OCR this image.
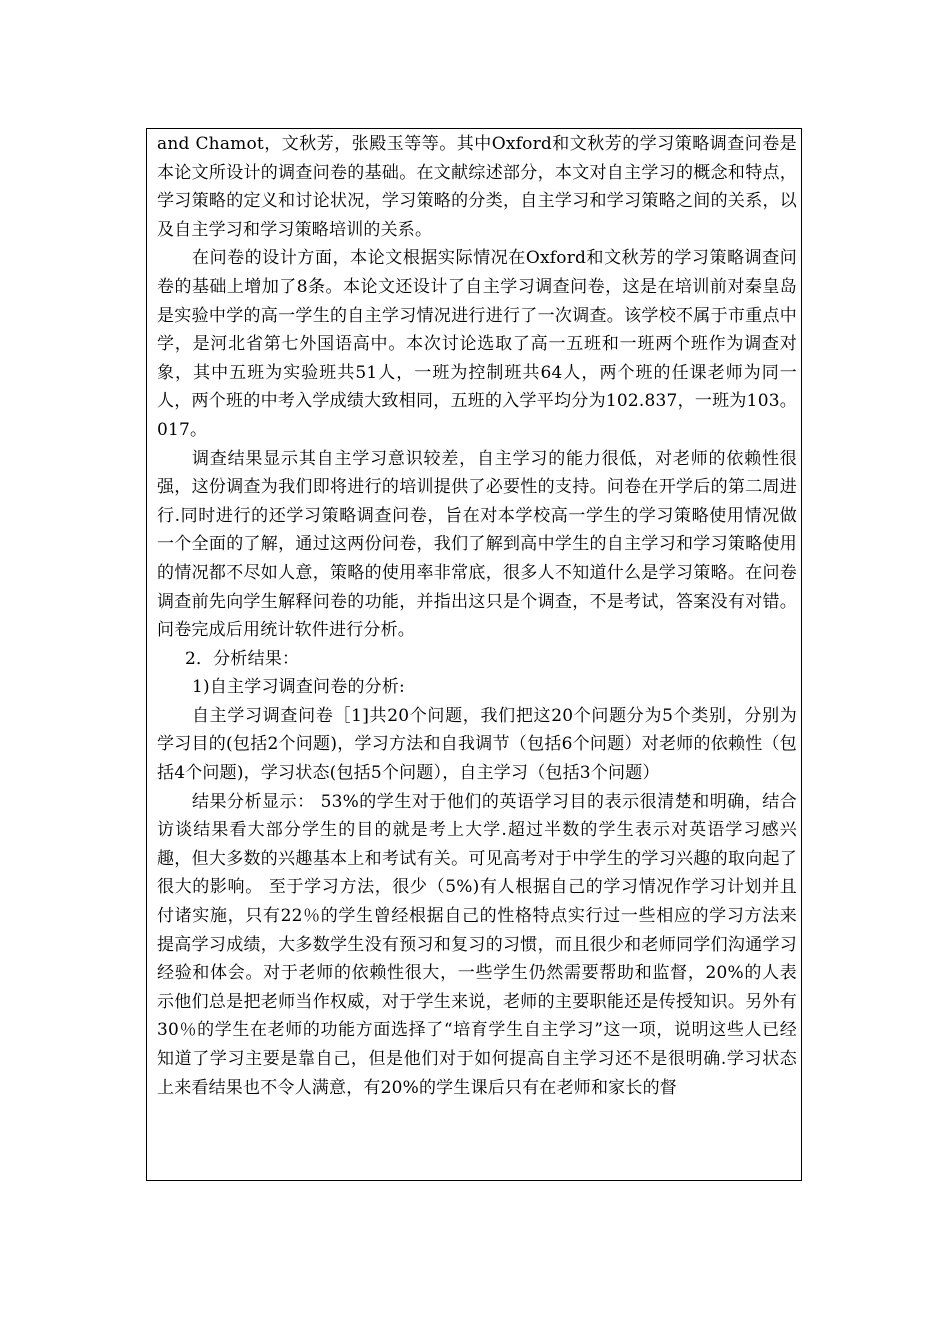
and Chamot，文秋芳，张殿玉等等。其中Oxford和文秋芳的学习策略调查问卷是本论文所设计的调查问卷的基础。在文献综述部分，本文对自主学习的概念和特点，学习策略的定义和讨论状况，学习策略的分类，自主学习和学习策略之间的关系，以及自主学习和学习策略培训的关系。

在问卷的设计方面，本论文根据实际情况在Oxford和文秋芳的学习策略调查问卷的基础上增加了8条。本论文还设计了自主学习调查问卷，这是在培训前对秦皇岛是实验中学的高一学生的自主学习情况进行进行了一次调查。该学校不属于市重点中学，是河北省第七外国语高中。本次讨论选取了高一五班和一班两个班作为调查对象，其中五班为实验班共51人，一班为控制班共64人，两个班的任课老师为同一人，两个班的中考入学成绩大致相同，五班的入学平均分为102.837，一班为103。017。

调查结果显示其自主学习意识较差，自主学习的能力很低，对老师的依赖性很强，这份调查为我们即将进行的培训提供了必要性的支持。问卷在开学后的第二周进行.同时进行的还学习策略调查问卷，旨在对本学校高一学生的学习策略使用情况做一个全面的了解，通过这两份问卷，我们了解到高中学生的自主学习和学习策略使用的情况都不尽如人意，策略的使用率非常底，很多人不知道什么是学习策略。在问卷调查前先向学生解释问卷的功能，并指出这只是个调查，不是考试，答案没有对错。问卷完成后用统计软件进行分析。

2．分析结果：

1)自主学习调查问卷的分析:

自主学习调查问卷［1]共20个问题，我们把这20个问题分为5个类别，分别为学习目的(包括2个问题)，学习方法和自我调节（包括6个问题）对老师的依赖性（包括4个问题)，学习状态(包括5个问题），自主学习（包括3个问题）

结果分析显示： 53%的学生对于他们的英语学习目的表示很清楚和明确，结合访谈结果看大部分学生的目的就是考上大学.超过半数的学生表示对英语学习感兴趣，但大多数的兴趣基本上和考试有关。可见高考对于中学生的学习兴趣的取向起了很大的影响。 至于学习方法，很少（5%)有人根据自己的学习情况作学习计划并且付诸实施，只有22％的学生曾经根据自己的性格特点实行过一些相应的学习方法来提高学习成绩，大多数学生没有预习和复习的习惯，而且很少和老师同学们沟通学习经验和体会。对于老师的依赖性很大，一些学生仍然需要帮助和监督，20%的人表示他们总是把老师当作权威，对于学生来说，老师的主要职能还是传授知识。另外有30％的学生在老师的功能方面选择了“培育学生自主学习”这一项，说明这些人已经知道了学习主要是靠自己，但是他们对于如何提高自主学习还不是很明确.学习状态上来看结果也不令人满意，有20%的学生课后只有在老师和家长的督
